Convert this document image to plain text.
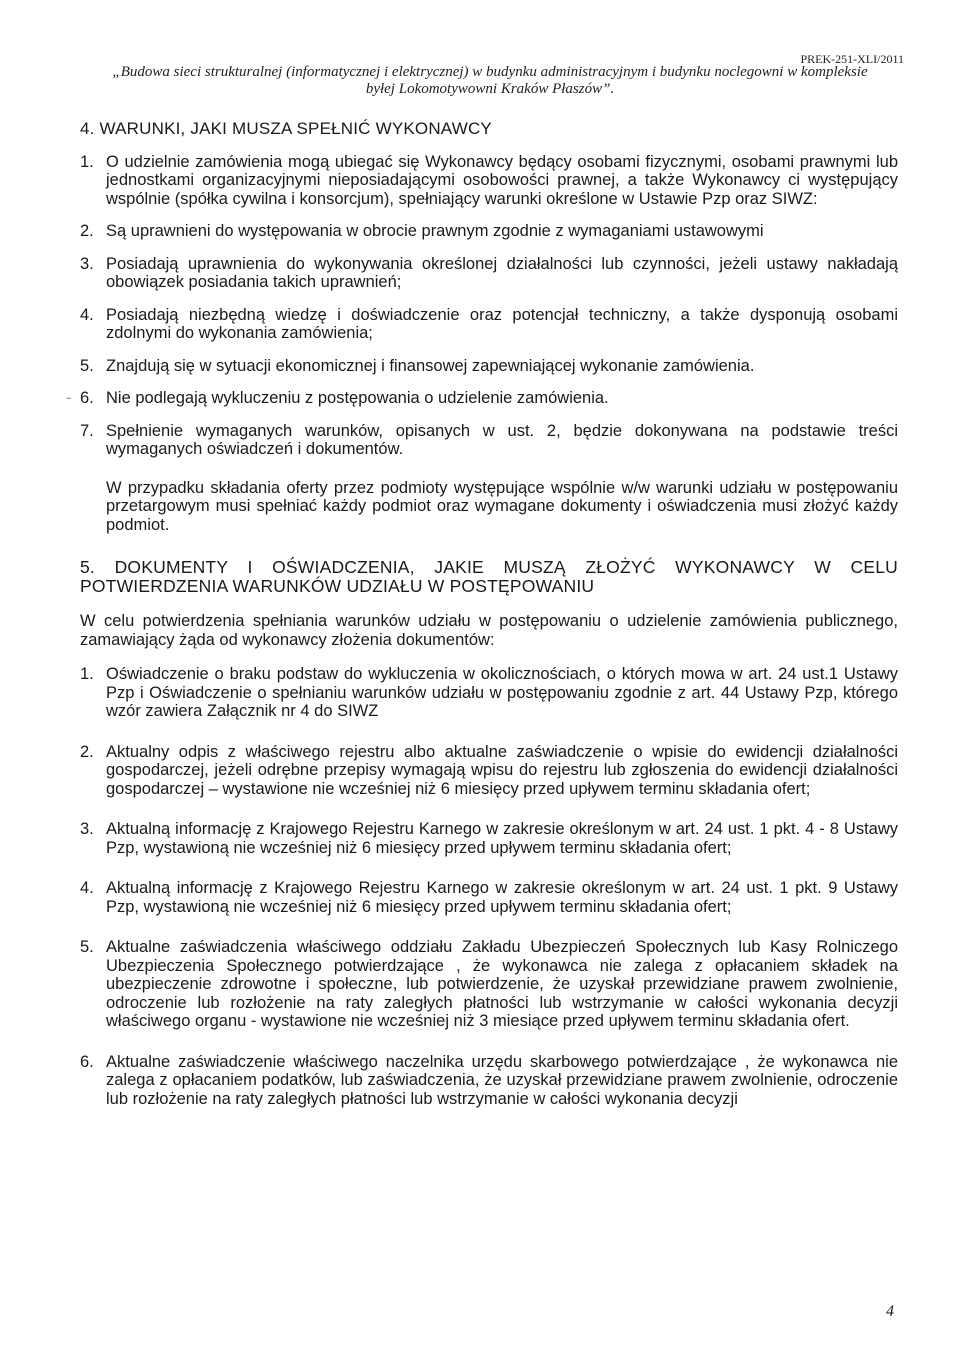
PREK-251-XLI/2011
„Budowa sieci strukturalnej (informatycznej i elektrycznej) w budynku administracyjnym i budynku noclegowni w kompleksie byłej Lokomotywowni Kraków Płaszów”.
4. WARUNKI, JAKI MUSZA SPEŁNIĆ WYKONAWCY
1. O udzielnie zamówienia mogą ubiegać się Wykonawcy będący osobami fizycznymi, osobami prawnymi lub jednostkami organizacyjnymi nieposiadającymi osobowości prawnej, a także Wykonawcy ci występujący wspólnie (spółka cywilna i konsorcjum), spełniający warunki określone w Ustawie Pzp oraz SIWZ:
2. Są uprawnieni do występowania w obrocie prawnym zgodnie z wymaganiami ustawowymi
3. Posiadają uprawnienia do wykonywania określonej działalności lub czynności, jeżeli ustawy nakładają obowiązek posiadania takich uprawnień;
4. Posiadają niezbędną wiedzę i doświadczenie oraz potencjał techniczny, a także dysponują osobami zdolnymi do wykonania zamówienia;
5. Znajdują się w sytuacji ekonomicznej i finansowej zapewniającej wykonanie zamówienia.
- 6. Nie podlegają wykluczeniu z postępowania o udzielenie zamówienia.
7. Spełnienie wymaganych warunków, opisanych w ust. 2, będzie dokonywana na podstawie treści wymaganych oświadczeń i dokumentów.
W przypadku składania oferty przez podmioty występujące wspólnie w/w warunki udziału w postępowaniu przetargowym musi spełniać każdy podmiot oraz wymagane dokumenty i oświadczenia musi złożyć każdy podmiot.
5. DOKUMENTY I OŚWIADCZENIA, JAKIE MUSZĄ ZŁOŻYĆ WYKONAWCY W CELU POTWIERDZENIA WARUNKÓW UDZIAŁU W POSTĘPOWANIU
W celu potwierdzenia spełniania warunków udziału w postępowaniu o udzielenie zamówienia publicznego, zamawiający żąda od wykonawcy złożenia dokumentów:
1. Oświadczenie o braku podstaw do wykluczenia w okolicznościach, o których mowa w art. 24 ust.1 Ustawy Pzp i Oświadczenie o spełnianiu warunków udziału w postępowaniu zgodnie z art. 44 Ustawy Pzp, którego wzór zawiera Załącznik nr 4 do SIWZ
2. Aktualny odpis z właściwego rejestru albo aktualne zaświadczenie o wpisie do ewidencji działalności gospodarczej, jeżeli odrębne przepisy wymagają wpisu do rejestru lub zgłoszenia do ewidencji działalności gospodarczej – wystawione nie wcześniej niż 6 miesięcy przed upływem terminu składania ofert;
3. Aktualną informację z Krajowego Rejestru Karnego w zakresie określonym w art. 24 ust. 1 pkt. 4 - 8 Ustawy Pzp, wystawioną nie wcześniej niż 6 miesięcy przed upływem terminu składania ofert;
4. Aktualną informację z Krajowego Rejestru Karnego w zakresie określonym w art. 24 ust. 1 pkt. 9 Ustawy Pzp, wystawioną nie wcześniej niż 6 miesięcy przed upływem terminu składania ofert;
5. Aktualne zaświadczenia właściwego oddziału Zakładu Ubezpieczeń Społecznych lub Kasy Rolniczego Ubezpieczenia Społecznego potwierdzające , że wykonawca nie zalega z opłacaniem składek na ubezpieczenie zdrowotne i społeczne, lub potwierdzenie, że uzyskał przewidziane prawem zwolnienie, odroczenie lub rozłożenie na raty zaległych płatności lub wstrzymanie w całości wykonania decyzji właściwego organu - wystawione nie wcześniej niż 3 miesiące przed upływem terminu składania ofert.
6. Aktualne zaświadczenie właściwego naczelnika urzędu skarbowego potwierdzające , że wykonawca nie zalega z opłacaniem podatków, lub zaświadczenia, że uzyskał przewidziane prawem zwolnienie, odroczenie lub rozłożenie na raty zaległych płatności lub wstrzymanie w całości wykonania decyzji
4
